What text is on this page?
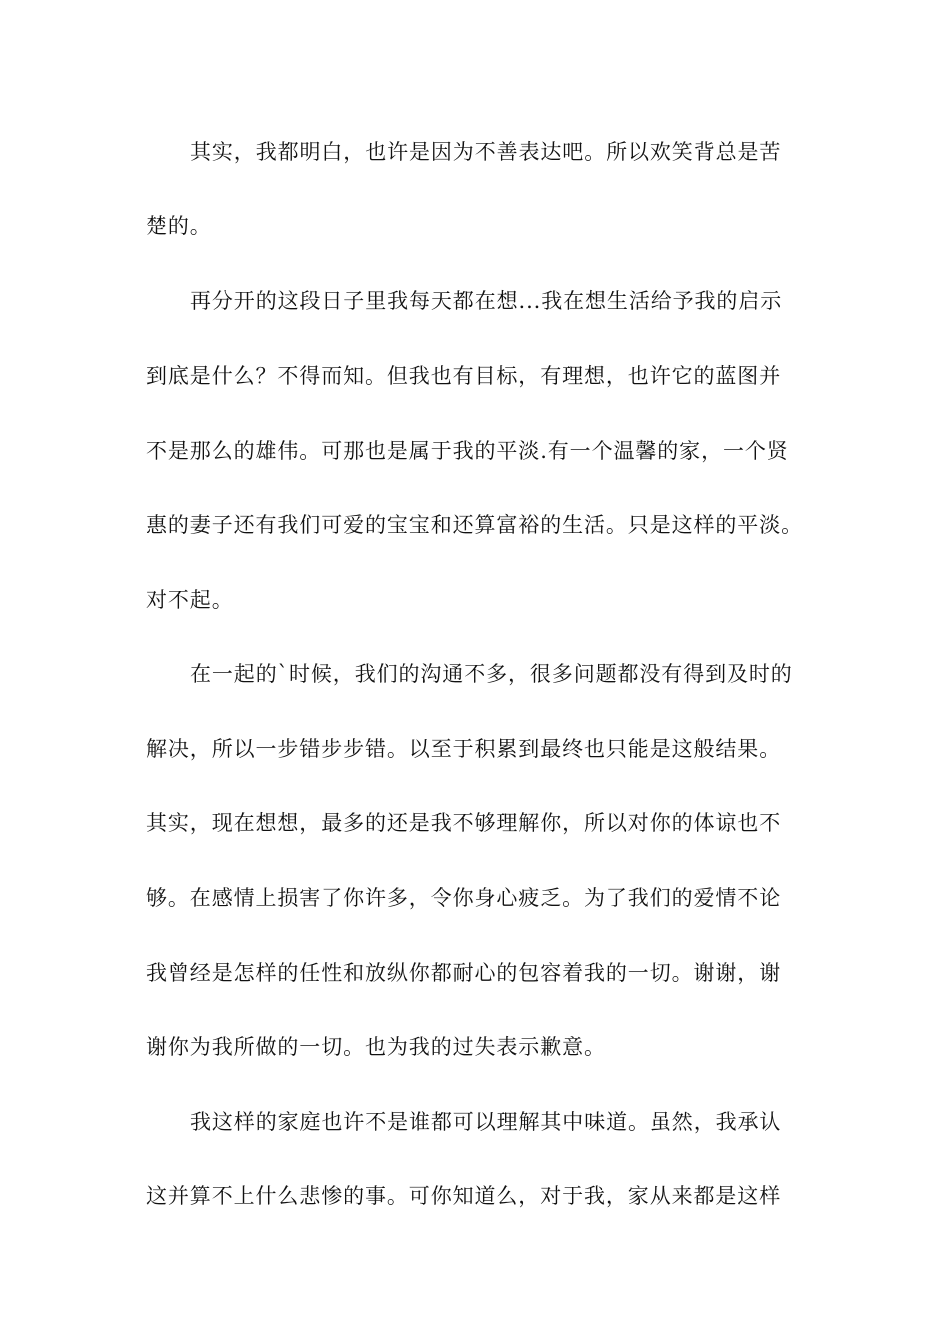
其实，我都明白，也许是因为不善表达吧。所以欢笑背总是苦
楚的。
再分开的这段日子里我每天都在想...我在想生活给予我的启示
到底是什么？不得而知。但我也有目标，有理想，也许它的蓝图并
不是那么的雄伟。可那也是属于我的平淡.有一个温馨的家，一个贤
惠的妻子还有我们可爱的宝宝和还算富裕的生活。只是这样的平淡。
对不起。
在一起的`时候，我们的沟通不多，很多问题都没有得到及时的
解决，所以一步错步步错。以至于积累到最终也只能是这般结果。
其实，现在想想，最多的还是我不够理解你，所以对你的体谅也不
够。在感情上损害了你许多，令你身心疲乏。为了我们的爱情不论
我曾经是怎样的任性和放纵你都耐心的包容着我的一切。谢谢，谢
谢你为我所做的一切。也为我的过失表示歉意。
我这样的家庭也许不是谁都可以理解其中味道。虽然，我承认
这并算不上什么悲惨的事。可你知道么，对于我，家从来都是这样
